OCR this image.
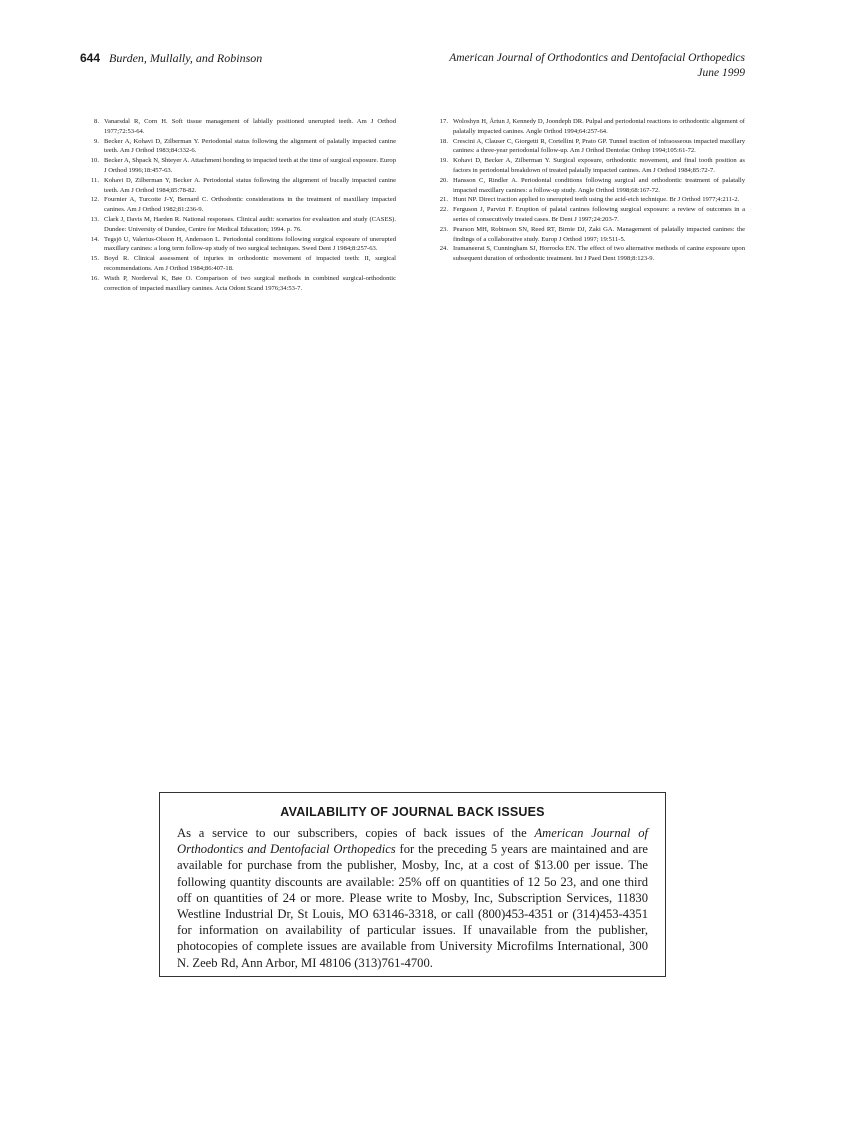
644 Burden, Mullally, and Robinson	American Journal of Orthodontics and Dentofacial Orthopedics
June 1999
8. Vanarsdal R, Corn H. Soft tissue management of labially positioned unerupted teeth. Am J Orthod 1977;72:53-64.
9. Becker A, Kohavi D, Zilberman Y. Periodontal status following the alignment of palatally impacted canine teeth. Am J Orthod 1983;84:332-6.
10. Becker A, Shpack N, Shteyer A. Attachment bonding to impacted teeth at the time of surgical exposure. Europ J Orthod 1996;18:457-63.
11. Kohavi D, Zilberman Y, Becker A. Periodontal status following the alignment of bucally impacted canine teeth. Am J Orthod 1984;85:78-82.
12. Fournier A, Turcotte J-Y, Bernard C. Orthodontic considerations in the treatment of maxillary impacted canines. Am J Orthod 1982;81:236-9.
13. Clark J, Davis M, Harden R. National responses. Clinical audit: scenarios for evaluation and study (CASES). Dundee: University of Dundee, Centre for Medical Education; 1994. p. 76.
14. Tegsjö U, Valerius-Olsson H, Andersson L. Periodontal conditions following surgical exposure of unerupted maxillary canines: a long term follow-up study of two surgical techniques. Swed Dent J 1984;8:257-63.
15. Boyd R. Clinical assessment of injuries in orthodontic movement of impacted teeth: II, surgical recommendations. Am J Orthod 1984;86:407-18.
16. Wisth P, Norderval K, Bøe O. Comparison of two surgical methods in combined surgical-orthodontic correction of impacted maxillary canines. Acta Odont Scand 1976;34:53-7.
17. Woloshyn H, Årtun J, Kennedy D, Joondeph DR. Pulpal and periodontal reactions to orthodontic alignment of palatally impacted canines. Angle Orthod 1994;64:257-64.
18. Crescini A, Clauser C, Giorgetti R, Cortellini P, Prato GP. Tunnel traction of infraosseous impacted maxillary canines: a three-year periodontal follow-up. Am J Orthod Dentofac Orthop 1994;105:61-72.
19. Kohavi D, Becker A, Zilberman Y. Surgical exposure, orthodontic movement, and final tooth position as factors in periodontal breakdown of treated palatally impacted canines. Am J Orthod 1984;85:72-7.
20. Hansson C, Rindler A. Periodontal conditions following surgical and orthodontic treatment of palatally impacted maxillary canines: a follow-up study. Angle Orthod 1998;68:167-72.
21. Hunt NP. Direct traction applied to unerupted teeth using the acid-etch technique. Br J Orthod 1977;4:211-2.
22. Ferguson J, Parvizi F. Eruption of palatal canines following surgical exposure: a review of outcomes in a series of consecutively treated cases. Br Dent J 1997;24:203-7.
23. Pearson MH, Robinson SN, Reed RT, Birnie DJ, Zaki GA. Management of palatally impacted canines: the findings of a collaborative study. Europ J Orthod 1997; 19:511-5.
24. Iramaneerat S, Cunningham SJ, Horrocks EN. The effect of two alternative methods of canine exposure upon subsequent duration of orthodontic treatment. Int J Paed Dent 1998;8:123-9.
AVAILABILITY OF JOURNAL BACK ISSUES

As a service to our subscribers, copies of back issues of the American Journal of Orthodontics and Dentofacial Orthopedics for the preceding 5 years are maintained and are available for purchase from the publisher, Mosby, Inc, at a cost of $13.00 per issue. The following quantity discounts are available: 25% off on quantities of 12 5o 23, and one third off on quantities of 24 or more. Please write to Mosby, Inc, Subscription Services, 11830 Westline Industrial Dr, St Louis, MO 63146-3318, or call (800)453-4351 or (314)453-4351 for information on availability of particular issues. If unavailable from the publisher, photocopies of complete issues are available from University Microfilms International, 300 N. Zeeb Rd, Ann Arbor, MI 48106 (313)761-4700.
